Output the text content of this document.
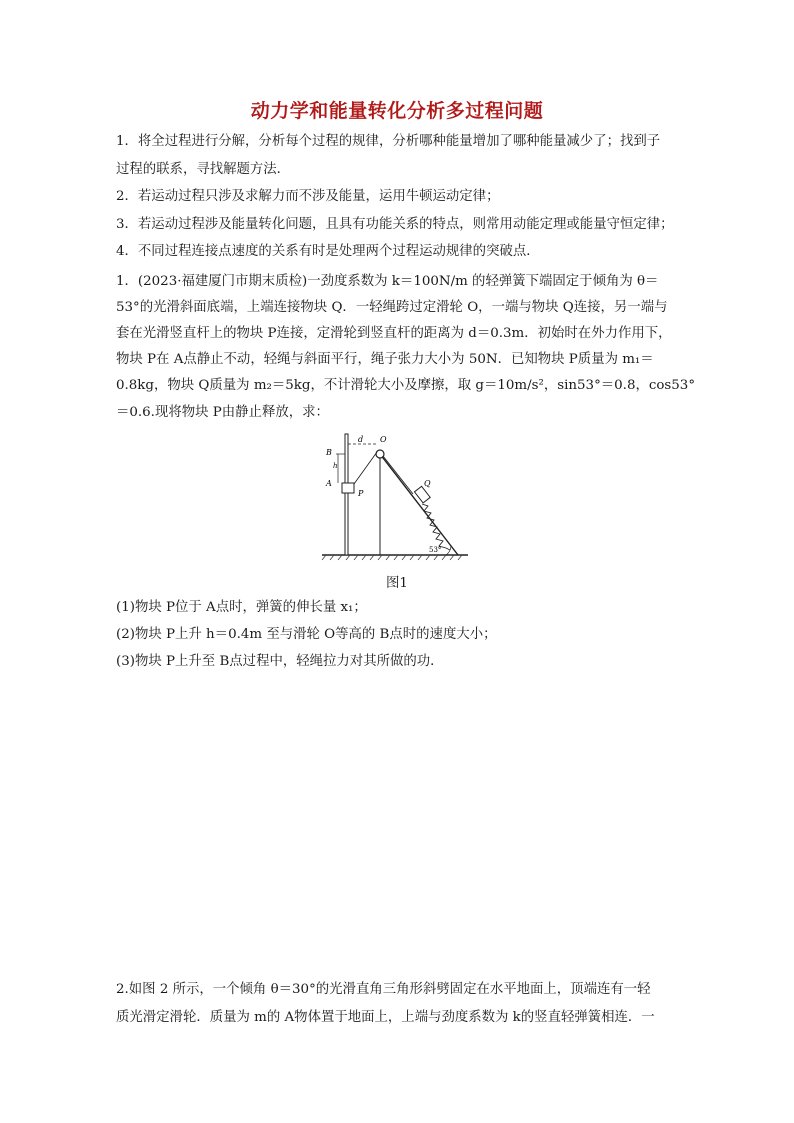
动力学和能量转化分析多过程问题
1．将全过程进行分解，分析每个过程的规律，分析哪种能量增加了哪种能量减少了；找到子
过程的联系，寻找解题方法．
2．若运动过程只涉及求解力而不涉及能量，运用牛顿运动定律；
3．若运动过程涉及能量转化问题，且具有功能关系的特点，则常用动能定理或能量守恒定律；
4．不同过程连接点速度的关系有时是处理两个过程运动规律的突破点．
1．(2023·福建厦门市期末质检)一劲度系数为 k＝100N/m 的轻弹簧下端固定于倾角为 θ＝
53°的光滑斜面底端，上端连接物块 Q．一轻绳跨过定滑轮 O，一端与物块 Q连接，另一端与
套在光滑竖直杆上的物块 P连接，定滑轮到竖直杆的距离为 d＝0.3m．初始时在外力作用下，
物块 P在 A点静止不动，轻绳与斜面平行，绳子张力大小为 50N．已知物块 P质量为 m₁＝
0.8kg，物块 Q质量为 m₂＝5kg，不计滑轮大小及摩擦，取 g＝10m/s²，sin53°＝0.8，cos53°
＝0.6.现将物块 P由静止释放，求：
O
d
B
h
A
P
Q
53°
图1
(1)物块 P位于 A点时，弹簧的伸长量 x₁；
(2)物块 P上升 h＝0.4m 至与滑轮 O等高的 B点时的速度大小；
(3)物块 P上升至 B点过程中，轻绳拉力对其所做的功．
2.如图 2 所示，一个倾角 θ＝30°的光滑直角三角形斜劈固定在水平地面上，顶端连有一轻
质光滑定滑轮．质量为 m的 A物体置于地面上，上端与劲度系数为 k的竖直轻弹簧相连．一
